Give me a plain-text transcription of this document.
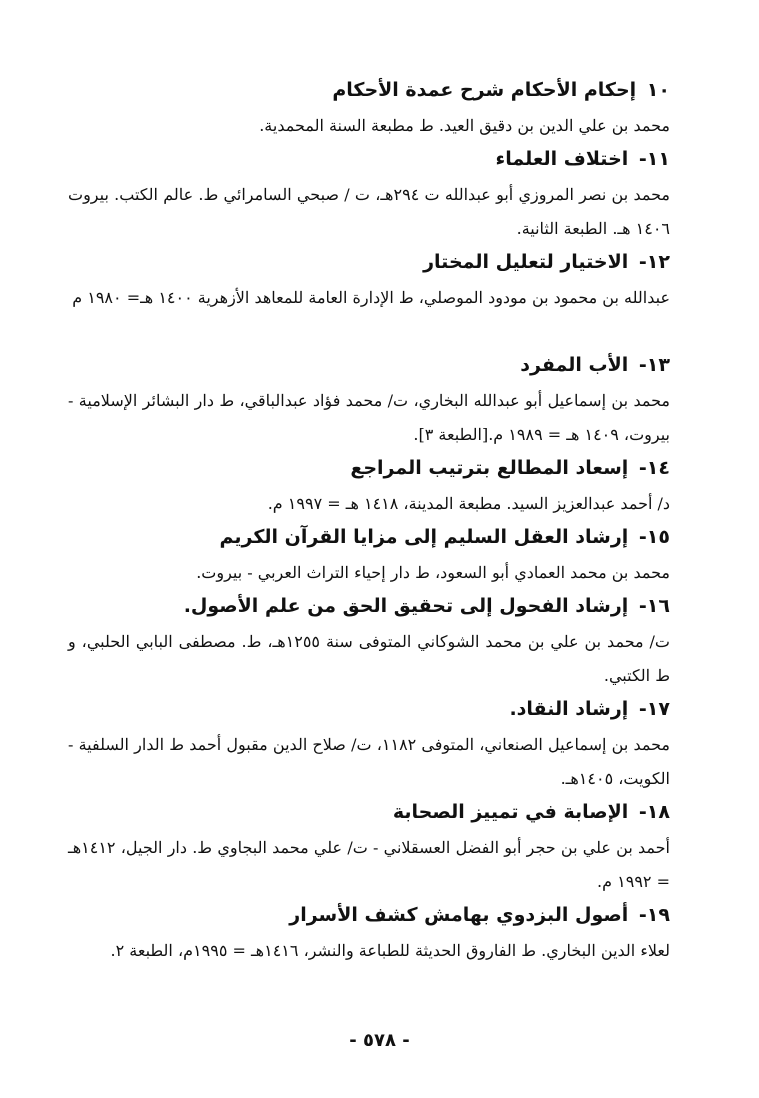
١٠ إحكام الأحكام شرح عمدة الأحكام
محمد بن علي الدين بن دقيق العيد. ط مطبعة السنة المحمدية.
١١- اختلاف العلماء
محمد بن نصر المروزي أبو عبدالله ت ٢٩٤هـ، ت / صبحي السامرائي ط. عالم الكتب. بيروت ١٤٠٦ هـ. الطبعة الثانية.
١٢- الاختيار لتعليل المختار
عبدالله بن محمود بن مودود الموصلي، ط الإدارة العامة للمعاهد الأزهرية ١٤٠٠ هـ= ١٩٨٠ م
١٣- الأب المفرد
محمد بن إسماعيل أبو عبدالله البخاري، ت/ محمد فؤاد عبدالباقي، ط دار البشائر الإسلامية - بيروت، ١٤٠٩ هـ = ١٩٨٩ م.[الطبعة ٣].
١٤- إسعاد المطالع بترتيب المراجع
د/ أحمد عبدالعزيز السيد. مطبعة المدينة، ١٤١٨ هـ = ١٩٩٧ م.
١٥- إرشاد العقل السليم إلى مزايا القرآن الكريم
محمد بن محمد العمادي أبو السعود، ط دار إحياء التراث العربي - بيروت.
١٦- إرشاد الفحول إلى تحقيق الحق من علم الأصول.
ت/ محمد بن علي بن محمد الشوكاني المتوفى سنة ١٢٥٥هـ، ط. مصطفى البابي الحلبي، و ط الكتبي.
١٧- إرشاد النقاد.
محمد بن إسماعيل الصنعاني، المتوفى ١١٨٢، ت/ صلاح الدين مقبول أحمد ط الدار السلفية - الكويت، ١٤٠٥هـ.
١٨- الإصابة في تمييز الصحابة
أحمد بن علي بن حجر أبو الفضل العسقلاني - ت/ علي محمد البجاوي ط. دار الجيل، ١٤١٢هـ = ١٩٩٢ م.
١٩- أصول البزدوي بهامش كشف الأسرار
لعلاء الدين البخاري. ط الفاروق الحديثة للطباعة والنشر، ١٤١٦هـ = ١٩٩٥م، الطبعة ٢.
- ٥٧٨ -
